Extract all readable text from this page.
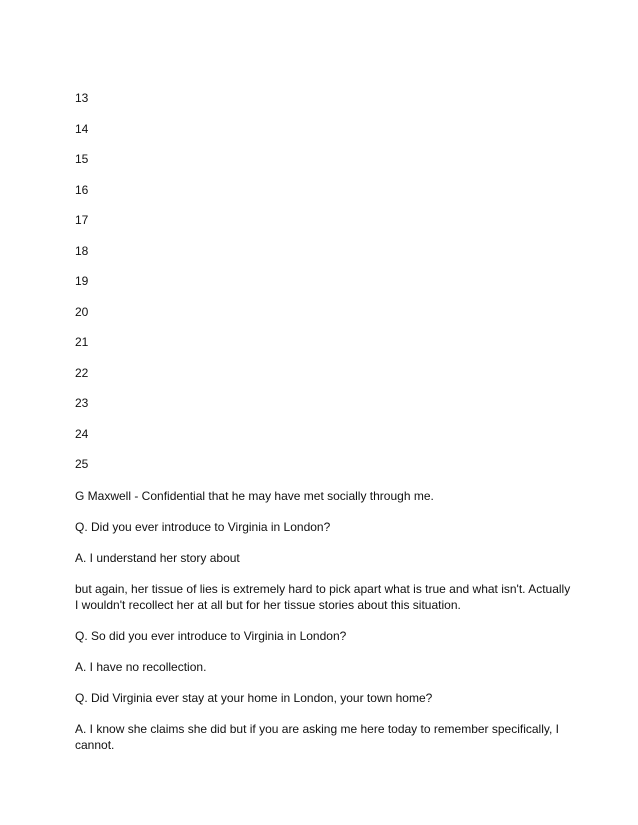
13
14
15
16
17
18
19
20
21
22
23
24
25

G Maxwell - Confidential that he may have met socially through me.

Q. Did you ever introduce to Virginia in London?

A. I understand her story about

but again, her tissue of lies is extremely hard to pick apart what is true and what isn't. Actually I wouldn't recollect her at all but for her tissue stories about this situation.

Q. So did you ever introduce to Virginia in London?

A. I have no recollection.

Q. Did Virginia ever stay at your home in London, your town home?

A. I know she claims she did but if you are asking me here today to remember specifically, I cannot.
